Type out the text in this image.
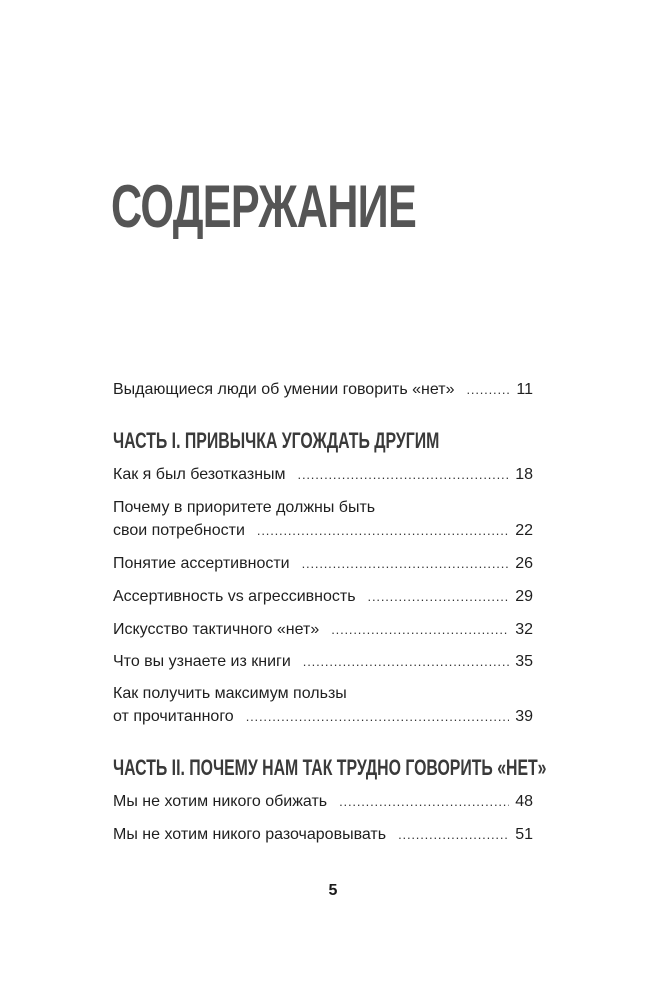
СОДЕРЖАНИЕ
Выдающиеся люди об умении говорить «нет» . . .	11
ЧАСТЬ I. ПРИВЫЧКА УГОЖДАТЬ ДРУГИМ
Как я был безотказным . . .	18
Почему в приоритете должны быть
свои потребности . . .	22
Понятие ассертивности . . .	26
Ассертивность vs агрессивность . . .	29
Искусство тактичного «нет» . . .	32
Что вы узнаете из книги . . .	35
Как получить максимум пользы
от прочитанного . . .	39
ЧАСТЬ II. ПОЧЕМУ НАМ ТАК ТРУДНО ГОВОРИТЬ «НЕТ»
Мы не хотим никого обижать . . .	48
Мы не хотим никого разочаровывать . . .	51
5
